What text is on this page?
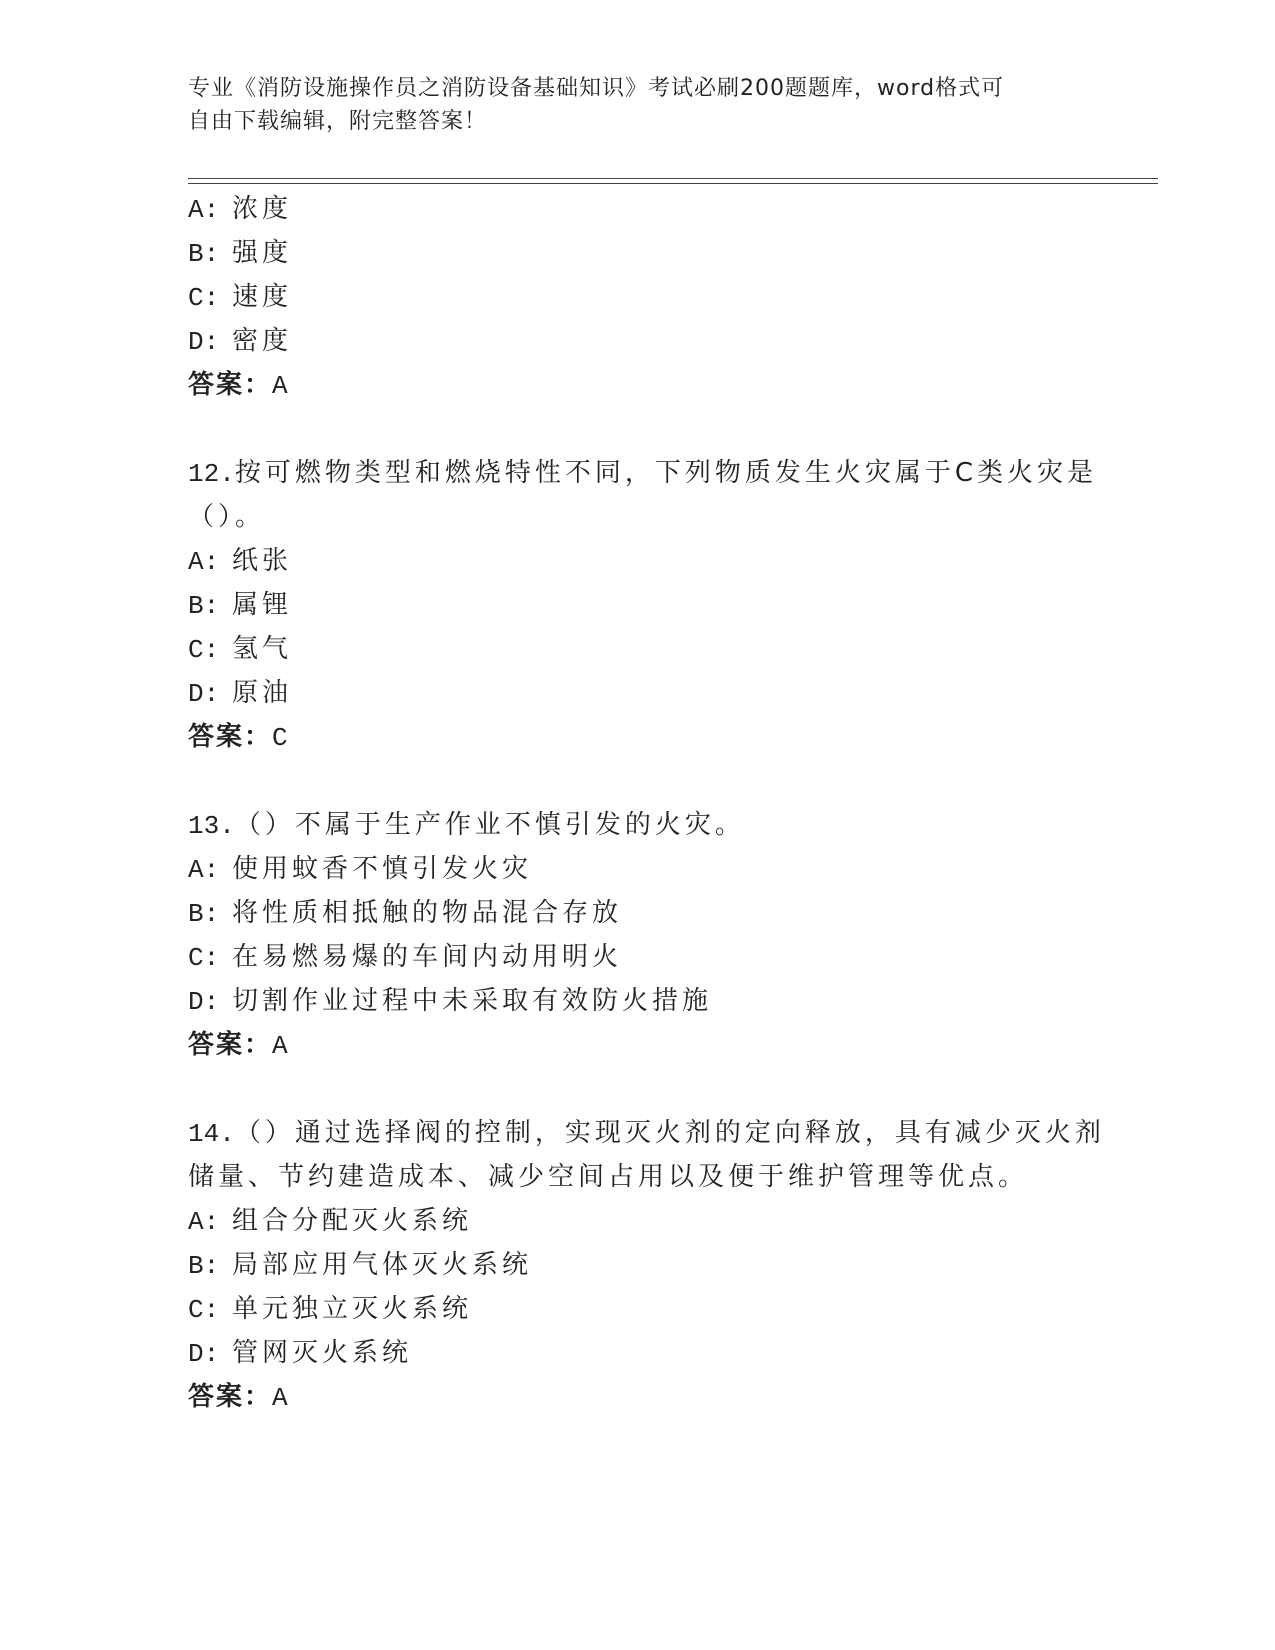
专业《消防设施操作员之消防设备基础知识》考试必刷200题题库，word格式可
自由下载编辑，附完整答案！
A: 浓度
B: 强度
C: 速度
D: 密度
答案：A
12.按可燃物类型和燃烧特性不同，下列物质发生火灾属于C类火灾是
（）。
A: 纸张
B: 属锂
C: 氢气
D: 原油
答案：C
13.（）不属于生产作业不慎引发的火灾。
A: 使用蚊香不慎引发火灾
B: 将性质相抵触的物品混合存放
C: 在易燃易爆的车间内动用明火
D: 切割作业过程中未采取有效防火措施
答案：A
14.（）通过选择阀的控制，实现灭火剂的定向释放，具有减少灭火剂
储量、节约建造成本、减少空间占用以及便于维护管理等优点。
A: 组合分配灭火系统
B: 局部应用气体灭火系统
C: 单元独立灭火系统
D: 管网灭火系统
答案：A
